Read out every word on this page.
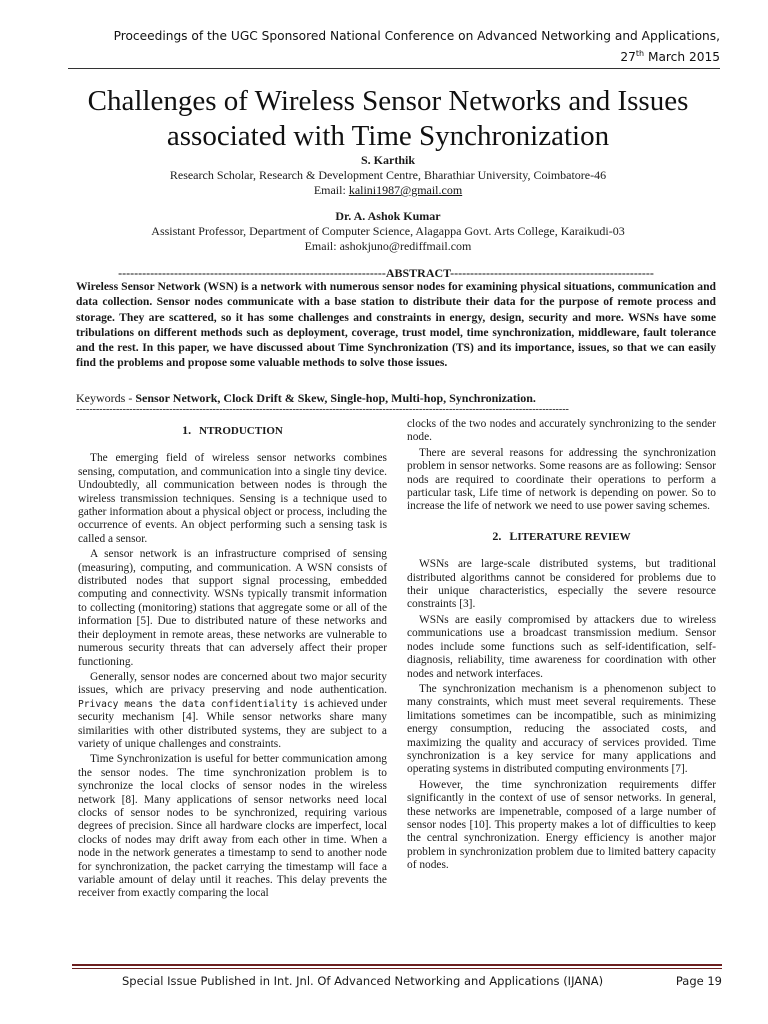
Proceedings of the UGC Sponsored National Conference on Advanced Networking and Applications,
27th March 2015
Challenges of Wireless Sensor Networks and Issues associated with Time Synchronization
S. Karthik
Research Scholar, Research & Development Centre, Bharathiar University, Coimbatore-46
Email: kalini1987@gmail.com
Dr. A. Ashok Kumar
Assistant Professor, Department of Computer Science, Alagappa Govt. Arts College, Karaikudi-03
Email: ashokjuno@rediffmail.com
-------------------------------------------------------------------ABSTRACT---------------------------------------------------
Wireless Sensor Network (WSN) is a network with numerous sensor nodes for examining physical situations, communication and data collection. Sensor nodes communicate with a base station to distribute their data for the purpose of remote process and storage. They are scattered, so it has some challenges and constraints in energy, design, security and more. WSNs have some tribulations on different methods such as deployment, coverage, trust model, time synchronization, middleware, fault tolerance and the rest. In this paper, we have discussed about Time Synchronization (TS) and its importance, issues, so that we can easily find the problems and propose some valuable methods to solve those issues.
Keywords - Sensor Network, Clock Drift & Skew, Single-hop, Multi-hop, Synchronization.
----------------------------------------------------------------------------------------------------------------------------------------------------
1. NTRODUCTION

The emerging field of wireless sensor networks combines sensing, computation, and communication into a single tiny device. Undoubtedly, all communication between nodes is through the wireless transmission techniques. Sensing is a technique used to gather information about a physical object or process, including the occurrence of events. An object performing such a sensing task is called a sensor.

A sensor network is an infrastructure comprised of sensing (measuring), computing, and communication. A WSN consists of distributed nodes that support signal processing, embedded computing and connectivity. WSNs typically transmit information to collecting (monitoring) stations that aggregate some or all of the information [5]. Due to distributed nature of these networks and their deployment in remote areas, these networks are vulnerable to numerous security threats that can adversely affect their proper functioning.

Generally, sensor nodes are concerned about two major security issues, which are privacy preserving and node authentication. Privacy means the data confidentiality is achieved under security mechanism [4]. While sensor networks share many similarities with other distributed systems, they are subject to a variety of unique challenges and constraints.

Time Synchronization is useful for better communication among the sensor nodes. The time synchronization problem is to synchronize the local clocks of sensor nodes in the wireless network [8]. Many applications of sensor networks need local clocks of sensor nodes to be synchronized, requiring various degrees of precision. Since all hardware clocks are imperfect, local clocks of nodes may drift away from each other in time. When a node in the network generates a timestamp to send to another node for synchronization, the packet carrying the timestamp will face a variable amount of delay until it reaches. This delay prevents the receiver from exactly comparing the local

clocks of the two nodes and accurately synchronizing to the sender node.

There are several reasons for addressing the synchronization problem in sensor networks. Some reasons are as following: Sensor nods are required to coordinate their operations to perform a particular task, Life time of network is depending on power. So to increase the life of network we need to use power saving schemes.

2. LITERATURE REVIEW

WSNs are large-scale distributed systems, but traditional distributed algorithms cannot be considered for problems due to their unique characteristics, especially the severe resource constraints [3].

WSNs are easily compromised by attackers due to wireless communications use a broadcast transmission medium. Sensor nodes include some functions such as self-identification, self-diagnosis, reliability, time awareness for coordination with other nodes and network interfaces.

The synchronization mechanism is a phenomenon subject to many constraints, which must meet several requirements. These limitations sometimes can be incompatible, such as minimizing energy consumption, reducing the associated costs, and maximizing the quality and accuracy of services provided. Time synchronization is a key service for many applications and operating systems in distributed computing environments [7].

However, the time synchronization requirements differ significantly in the context of use of sensor networks. In general, these networks are impenetrable, composed of a large number of sensor nodes [10]. This property makes a lot of difficulties to keep the central synchronization. Energy efficiency is another major problem in synchronization problem due to limited battery capacity of nodes.

Special Issue Published in Int. Jnl. Of Advanced Networking and Applications (IJANA)	Page 19
